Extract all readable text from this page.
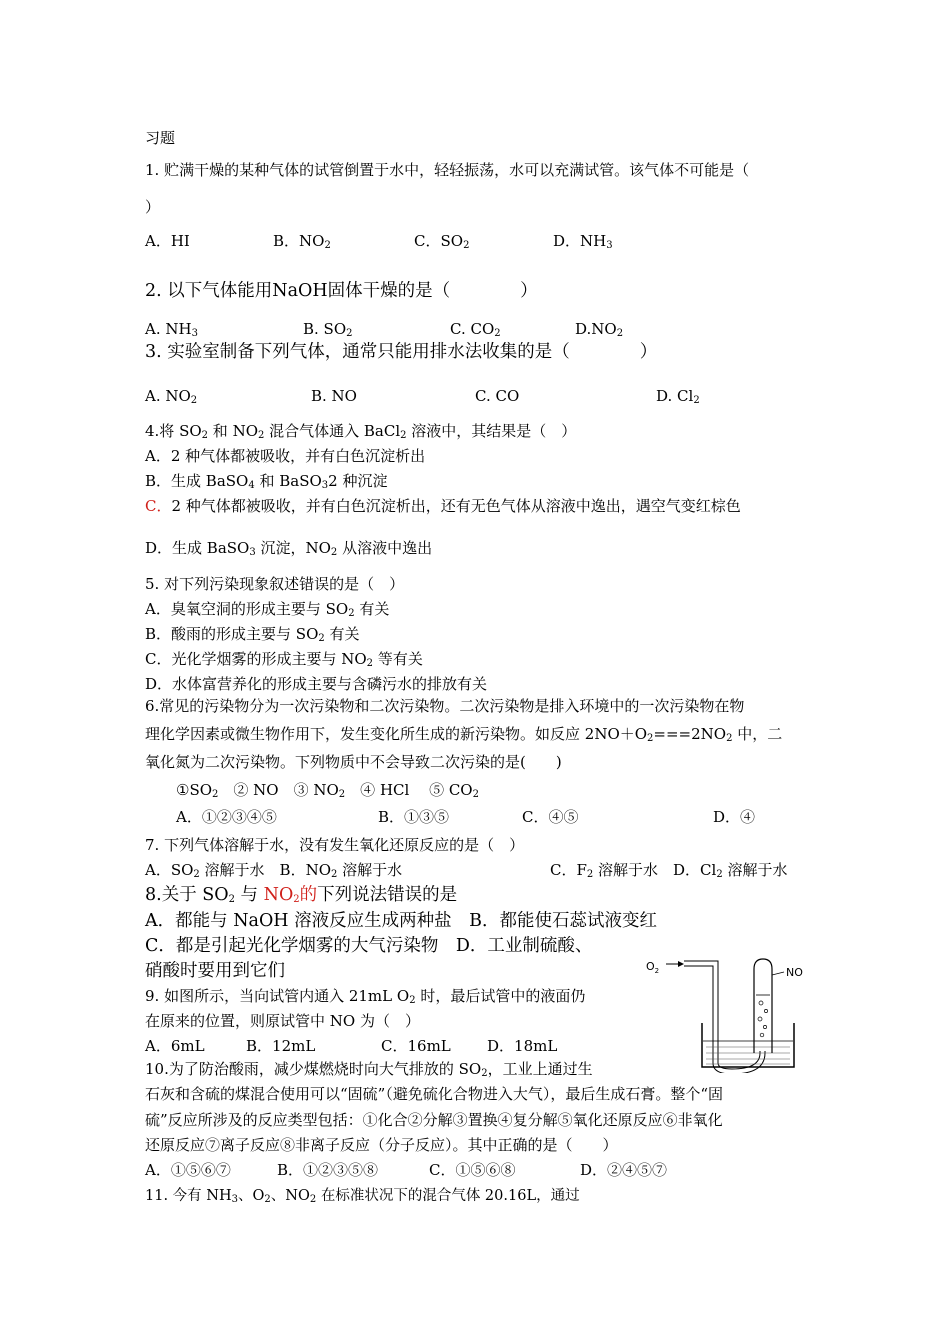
习题
1. 贮满干燥的某种气体的试管倒置于水中，轻轻振荡，水可以充满试管。该气体不可能是（
）
A．HI	B．$NO_2$	C．$SO_2$	D．$NH_3$
2. 以下气体能用NaOH固体干燥的是（　　　　）
A. $NH_3$	B. $SO_2$	C. $CO_2$	$D.NO_2$
3. 实验室制备下列气体，通常只能用排水法收集的是（　　　　）
A. $NO_2$	B. NO	C. CO	D. $Cl_2$
4.将 $SO_2$ 和 $NO_2$ 混合气体通入 BaCl$_2$ 溶液中，其结果是（　）
A．2 种气体都被吸收，并有白色沉淀析出
B．生成 BaSO$_4$ 和 BaSO$_3$2 种沉淀
C．2 种气体都被吸收，并有白色沉淀析出，还有无色气体从溶液中逸出，遇空气变红棕色
D．生成 BaSO$_3$ 沉淀，$NO_2$ 从溶液中逸出
5. 对下列污染现象叙述错误的是（　）
A．臭氧空洞的形成主要与 $SO_2$ 有关
B．酸雨的形成主要与 $SO_2$ 有关
C．光化学烟雾的形成主要与 $NO_2$ 等有关
D．水体富营养化的形成主要与含磷污水的排放有关
6.常见的污染物分为一次污染物和二次污染物。二次污染物是排入环境中的一次污染物在物
理化学因素或微生物作用下，发生变化所生成的新污染物。如反应 $2NO+O_2===2NO_2$ 中，二
氧化氮为二次污染物。下列物质中不会导致二次污染的是(　　)
$①SO_2$　② NO　③ $NO_2$　④ HCl　 ⑤ $CO_2$
A．①②③④⑤	B．①③⑤	C．④⑤	D．④
7. 下列气体溶解于水，没有发生氧化还原反应的是（　）
A．$SO_2$ 溶解于水　B．$NO_2$ 溶解于水	C．$F_2$ 溶解于水　D．$Cl_2$ 溶解于水
8.关于 $SO_2$ 与 $NO_2$的下列说法错误的是
A．都能与 NaOH 溶液反应生成两种盐　B．都能使石蕊试液变红
C．都是引起光化学烟雾的大气污染物　D．工业制硫酸、
硝酸时要用到它们
9. 如图所示，当向试管内通入 21mL $O_2$ 时，最后试管中的液面仍
在原来的位置，则原试管中 NO 为（　）
A．6mL	B．12mL	C．16mL D．18mL
$O_2$	NO
10.为了防治酸雨，减少煤燃烧时向大气排放的 $SO_2$，工业上通过生
石灰和含硫的煤混合使用可以“固硫”（避免硫化合物进入大气），最后生成石膏。整个“固
硫”反应所涉及的反应类型包括：①化合②分解③置换④复分解⑤氧化还原反应⑥非氧化
还原反应⑦离子反应⑧非离子反应（分子反应）。其中正确的是（　　）
A．①⑤⑥⑦	B．①②③⑤⑧	C．①⑤⑥⑧	D．②④⑤⑦
11. 今有 $NH_3$、$O_2$、$NO_2$ 在标准状况下的混合气体 20.16L，通过
